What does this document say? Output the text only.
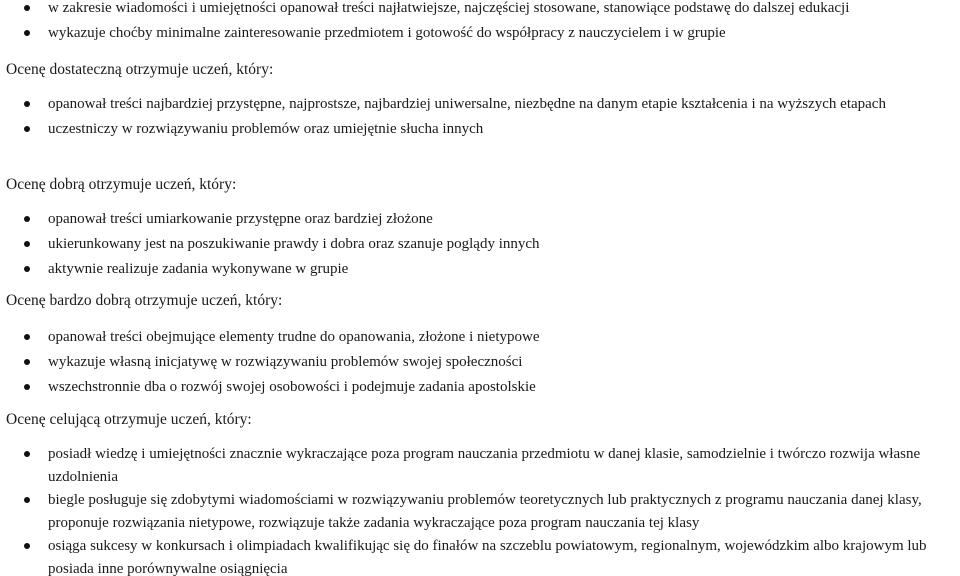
w zakresie wiadomości i umiejętności opanował treści najłatwiejsze, najczęściej stosowane, stanowiące podstawę do dalszej edukacji
wykazuje choćby minimalne zainteresowanie przedmiotem i gotowość do współpracy z nauczycielem i w grupie
Ocenę dostateczną otrzymuje uczeń, który:
opanował treści najbardziej przystępne, najprostsze, najbardziej uniwersalne, niezbędne na danym etapie kształcenia i na wyższych etapach
uczestniczy w rozwiązywaniu problemów oraz umiejętnie słucha innych
Ocenę dobrą otrzymuje uczeń, który:
opanował treści umiarkowanie przystępne oraz bardziej złożone
ukierunkowany jest na poszukiwanie prawdy i dobra oraz szanuje poglądy innych
aktywnie realizuje zadania wykonywane w grupie
Ocenę bardzo dobrą otrzymuje uczeń, który:
opanował treści obejmujące elementy trudne do opanowania, złożone i nietypowe
wykazuje własną inicjatywę w rozwiązywaniu problemów swojej społeczności
wszechstronnie dba o rozwój swojej osobowości i podejmuje zadania apostolskie
Ocenę celującą otrzymuje uczeń, który:
posiadł wiedzę i umiejętności znacznie wykraczające poza program nauczania przedmiotu w danej klasie, samodzielnie i twórczo rozwija własne uzdolnienia
biegle posługuje się zdobytymi wiadomościami w rozwiązywaniu problemów teoretycznych lub praktycznych z programu nauczania danej klasy, proponuje rozwiązania nietypowe, rozwiązuje także zadania wykraczające poza program nauczania tej klasy
osiąga sukcesy w konkursach i olimpiadach kwalifikując się do finałów na szczeblu powiatowym, regionalnym, wojewódzkim albo krajowym lub posiada inne porównywalne osiągnięcia
